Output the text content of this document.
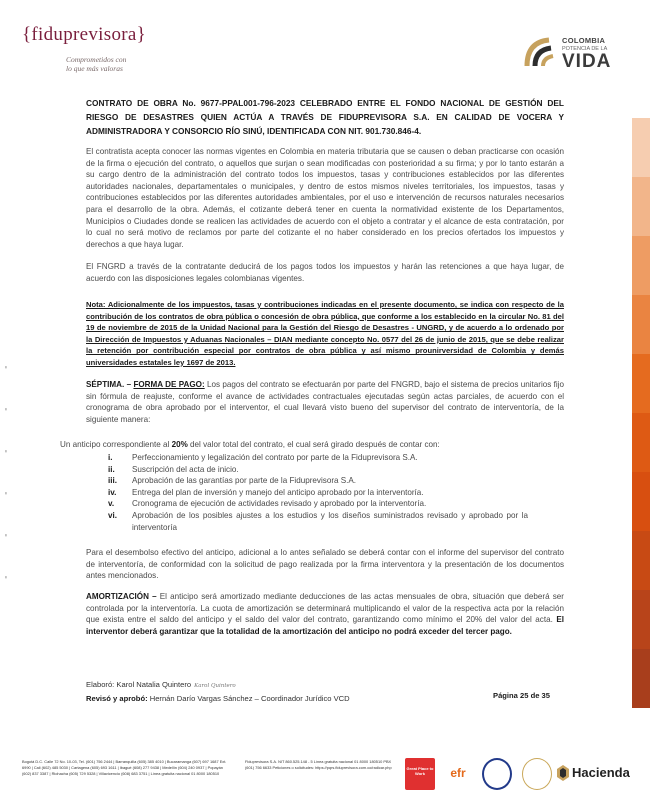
{fiduprevisora}
Comprometidos con
lo que más valoras
COLOMBIA
POTENCIA DE LA
VIDA
▮
▮
▮
▮
▮
▮
CONTRATO DE OBRA No. 9677-PPAL001-796-2023 CELEBRADO ENTRE EL FONDO NACIONAL DE GESTIÓN DEL RIESGO DE DESASTRES QUIEN ACTÚA A TRAVÉS DE FIDUPREVISORA S.A. EN CALIDAD DE VOCERA Y ADMINISTRADORA Y CONSORCIO RÍO SINÚ, IDENTIFICADA CON NIT. 901.730.846-4.
El contratista acepta conocer las normas vigentes en Colombia en materia tributaria que se causen o deban practicarse con ocasión de la firma o ejecución del contrato, o aquellos que surjan o sean modificadas con posterioridad a su firma; y por lo tanto estarán a su cargo dentro de la administración del contrato todos los impuestos, tasas y contribuciones establecidos por las diferentes autoridades nacionales, departamentales o municipales, y dentro de estos mismos niveles territoriales, los impuestos, tasas y contribuciones establecidos por las diferentes autoridades ambientales, por el uso e intervención de recursos naturales necesarios para el desarrollo de la obra. Además, el cotizante deberá tener en cuenta la normatividad existente de los Departamentos, Municipios o Ciudades donde se realicen las actividades de acuerdo con el objeto a contratar y el alcance de esta contratación, por lo cual no será motivo de reclamos por parte del cotizante el no haber considerado en los precios ofertados los impuestos y derechos a que haya lugar.
El FNGRD a través de la contratante deducirá de los pagos todos los impuestos y harán las retenciones a que haya lugar, de acuerdo con las disposiciones legales colombianas vigentes.
Nota: Adicionalmente de los impuestos, tasas y contribuciones indicadas en el presente documento, se indica con respecto de la contribución de los contratos de obra pública o concesión de obra pública, que conforme a los establecido en la circular No. 81 del 19 de noviembre de 2015 de la Unidad Nacional para la Gestión del Riesgo de Desastres - UNGRD, y de acuerdo a lo ordenado por la Dirección de Impuestos y Aduanas Nacionales – DIAN mediante concepto No. 0577 del 26 de junio de 2015, que se debe realizar la retención por contribución especial por contratos de obra pública y así mismo prounirversidad de Colombia y demás universidades estatales ley 1697 de 2013.
SÉPTIMA. – FORMA DE PAGO: Los pagos del contrato se efectuarán por parte del FNGRD, bajo el sistema de precios unitarios fijo sin fórmula de reajuste, conforme el avance de actividades contractuales ejecutadas según actas parciales, de acuerdo con el cronograma de obra aprobado por el interventor, el cual llevará visto bueno del supervisor del contrato de interventoría, de la siguiente manera:
Un anticipo correspondiente al 20% del valor total del contrato, el cual será girado después de contar con:
i.	Perfeccionamiento y legalización del contrato por parte de la Fiduprevisora S.A.
ii.	Suscripción del acta de inicio.
iii.	Aprobación de las garantías por parte de la Fiduprevisora S.A.
iv.	Entrega del plan de inversión y manejo del anticipo aprobado por la interventoría.
v.	Cronograma de ejecución de actividades revisado y aprobado por la interventoría.
vi.	Aprobación de los posibles ajustes a los estudios y los diseños suministrados revisado y aprobado por la interventoría
Para el desembolso efectivo del anticipo, adicional a lo antes señalado se deberá contar con el informe del supervisor del contrato de interventoría, de conformidad con la solicitud de pago realizada por la firma interventora y la presentación de los documentos antes mencionados.
AMORTIZACIÓN – El anticipo será amortizado mediante deducciones de las actas mensuales de obra, situación que deberá ser controlada por la interventoría. La cuota de amortización se determinará multiplicando el valor de la respectiva acta por la relación que exista entre el saldo del anticipo y el saldo del valor del contrato, garantizando como mínimo el 20% del valor del acta. El interventor deberá garantizar que la totalidad de la amortización del anticipo no podrá exceder del tercer pago.
Elaboró: Karol Natalia Quintero Karol Quintero
Revisó y aprobó: Hernán Darío Vargas Sánchez – Coordinador Jurídico VCD	Página 25 de 35
Bogotá D.C. Calle 72 No. 10-03, Tel. (601) 756 2444 | Barranquilla (605) 385 4010 | Bucaramanga (607) 697 1687 Ext. 6990 | Cali (602) 485 5030 | Cartagena (605) 693 1611 | Ibagué (608) 277 9438 | Medellín (604) 240 0937 | Popayán (602) 837 3387 | Riohacha (605) 729 5328 | Villavicencio (608) 683 3751 | Línea gratuita nacional 01 8000 180510
Fiduprevisora S.A. NIT 860.525.148 - 5 Línea gratuita nacional 01 8000 180510 PBX (601) 756 6633 Peticiones o solicitudes: https://pqrs.fiduprevisora.com.co/radicar.php	Great Place to Work	efr	Hacienda
